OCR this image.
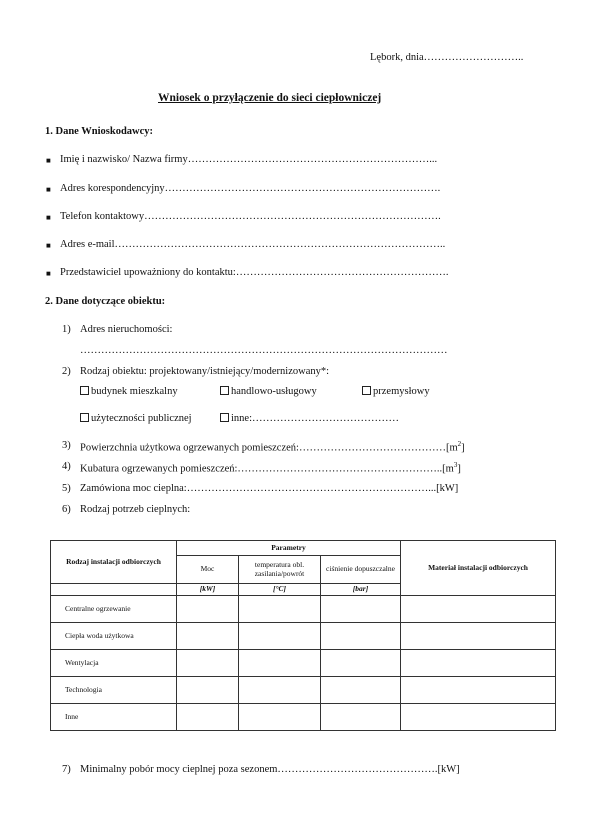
Lębork, dnia………………………..
Wniosek o przyłączenie do sieci ciepłowniczej
1. Dane Wnioskodawcy:
■ Imię i nazwisko/ Nazwa firmy……………………………………………………………...
■ Adres korespondencyjny…………………………………………………………………….
■ Telefon kontaktowy………………………………………………………………………….
■ Adres e-mail…………………………………………………………………………………..
■ Przedstawiciel upoważniony do kontaktu:…………………………………………………….
2. Dane dotyczące obiektu:
1) Adres nieruchomości:
……………………………………………………………………………………………
2) Rodzaj obiektu: projektowany/istniejący/modernizowany*:
budynek mieszkalny	handlowo-usługowy	przemysłowy
użyteczności publicznej	inne:……………………………………
3) Powierzchnia użytkowa ogrzewanych $pomieszczeń:\dots\dots\dots\dots\dots\dots\dots\dots\dots\dots\dots\dots\dots\dots[m^2]$
4) Kubatura ogrzewanych $pomieszczeń:\dots\dots\dots\dots\dots\dots\dots\dots\dots\dots\dots\dots\dots\dots\dots\dots\dots\dots\dots..[m^3]$
5) Zamówiona moc cieplna:……………………………………………………………...[kW]
6) Rodzaj potrzeb cieplnych:
Rodzaj instalacji odbiorczych	Parametry			Materiał instalacji odbiorczych
	Moc	temperatura obl. zasilania/powrót	ciśnienie dopuszczalne	
	[kW]	[°C]	[bar]	
Centralne ogrzewanie				
Ciepła woda użytkowa				
Wentylacja				
Technologia				
Inne				
7) Minimalny pobór mocy cieplnej poza sezonem……………………………………….[kW]
